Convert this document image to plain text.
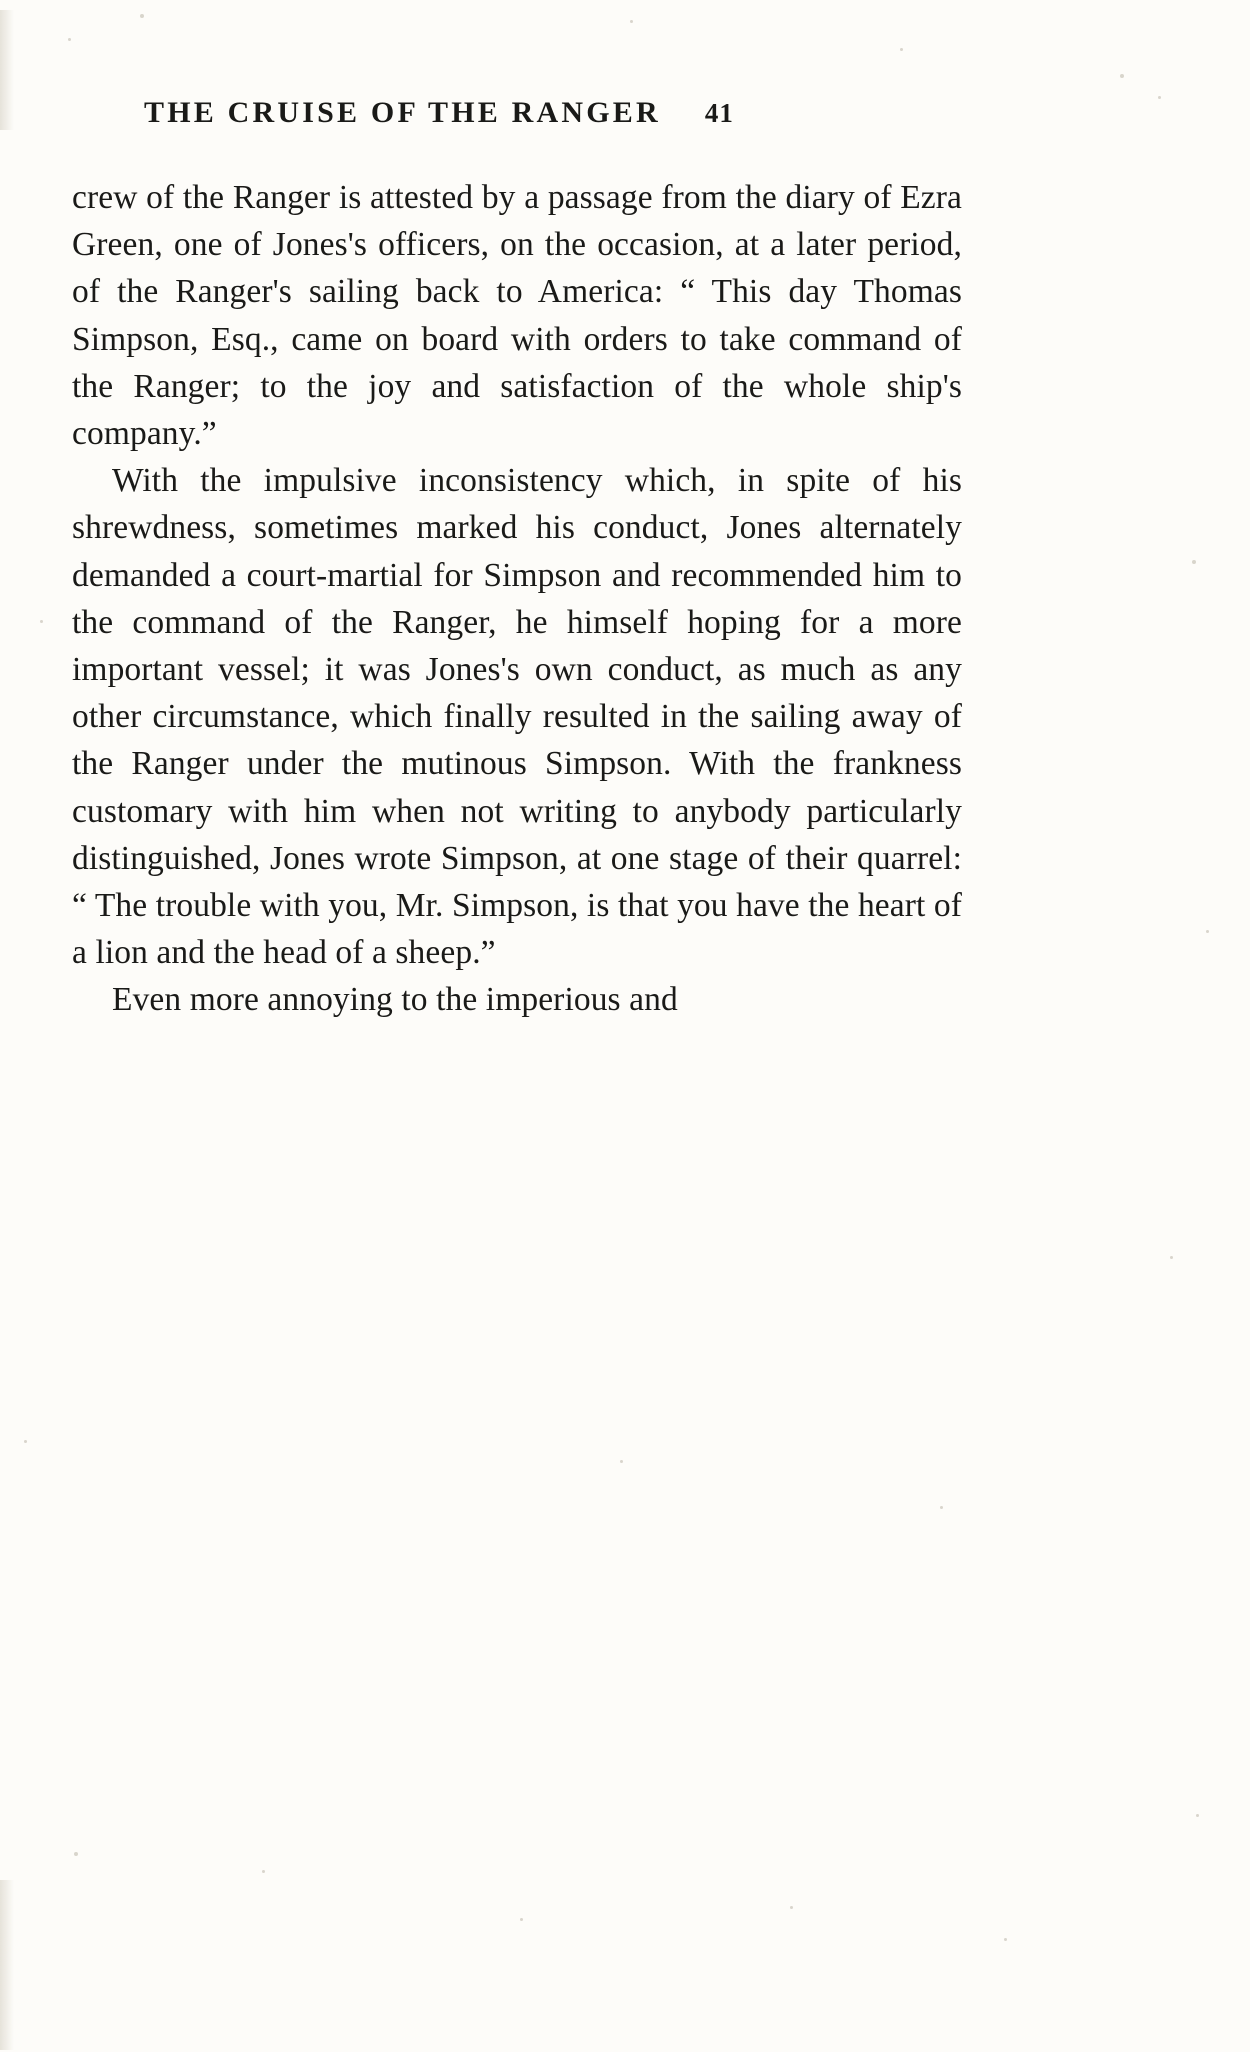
THE CRUISE OF THE RANGER 41

crew of the Ranger is attested by a passage from the diary of Ezra Green, one of Jones's officers, on the occasion, at a later period, of the Ranger's sailing back to America: “ This day Thomas Simpson, Esq., came on board with orders to take command of the Ranger; to the joy and satisfaction of the whole ship's company.”

With the impulsive inconsistency which, in spite of his shrewdness, sometimes marked his conduct, Jones alternately demanded a court-martial for Simpson and recommended him to the command of the Ranger, he himself hoping for a more important vessel; it was Jones's own conduct, as much as any other circumstance, which finally resulted in the sailing away of the Ranger under the mutinous Simpson. With the frankness customary with him when not writing to anybody particularly distinguished, Jones wrote Simpson, at one stage of their quarrel: “ The trouble with you, Mr. Simpson, is that you have the heart of a lion and the head of a sheep.”

Even more annoying to the imperious and
